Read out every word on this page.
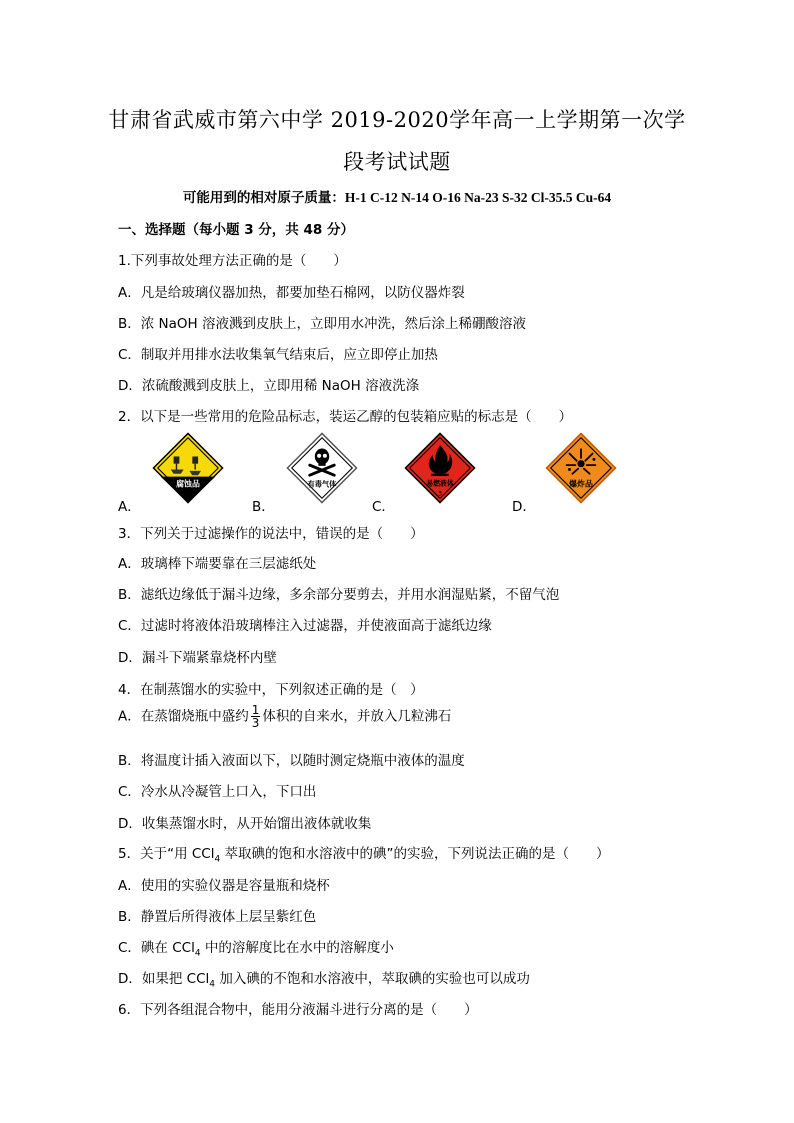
甘肃省武威市第六中学 2019-2020学年高一上学期第一次学
段考试试题
可能用到的相对原子质量：H-1 C-12 N-14 O-16 Na-23 S-32 Cl-35.5 Cu-64
一、选择题（每小题 3 分，共 48 分）
1.下列事故处理方法正确的是（　　）
A．凡是给玻璃仪器加热，都要加垫石棉网，以防仪器炸裂
B．浓 NaOH 溶液溅到皮肤上，立即用水冲洗，然后涂上稀硼酸溶液
C．制取并用排水法收集氧气结束后，应立即停止加热
D．浓硫酸溅到皮肤上，立即用稀 NaOH 溶液洗涤
2．以下是一些常用的危险品标志，装运乙醇的包装箱应贴的标志是（　　）
A．	B．	C．	D．
腐蚀品	有毒气体	易燃液体
3
爆炸品
3．下列关于过滤操作的说法中，错误的是（　　）
A．玻璃棒下端要靠在三层滤纸处
B．滤纸边缘低于漏斗边缘，多余部分要剪去，并用水润湿贴紧，不留气泡
C．过滤时将液体沿玻璃棒注入过滤器，并使液面高于滤纸边缘
D．漏斗下端紧靠烧杯内壁
4．在制蒸馏水的实验中，下列叙述正确的是（　）
A．在蒸馏烧瓶中盛约 $\frac{1}{3}$ 体积的自来水，并放入几粒沸石
B．将温度计插入液面以下，以随时测定烧瓶中液体的温度
C．冷水从冷凝管上口入，下口出
D．收集蒸馏水时，从开始馏出液体就收集
5．关于“用 CCl$_4$ 萃取碘的饱和水溶液中的碘”的实验，下列说法正确的是（　　）
A．使用的实验仪器是容量瓶和烧杯
B．静置后所得液体上层呈紫红色
C．碘在 CCl$_4$ 中的溶解度比在水中的溶解度小
D．如果把 CCl$_4$ 加入碘的不饱和水溶液中，萃取碘的实验也可以成功
6．下列各组混合物中，能用分液漏斗进行分离的是（　　）
